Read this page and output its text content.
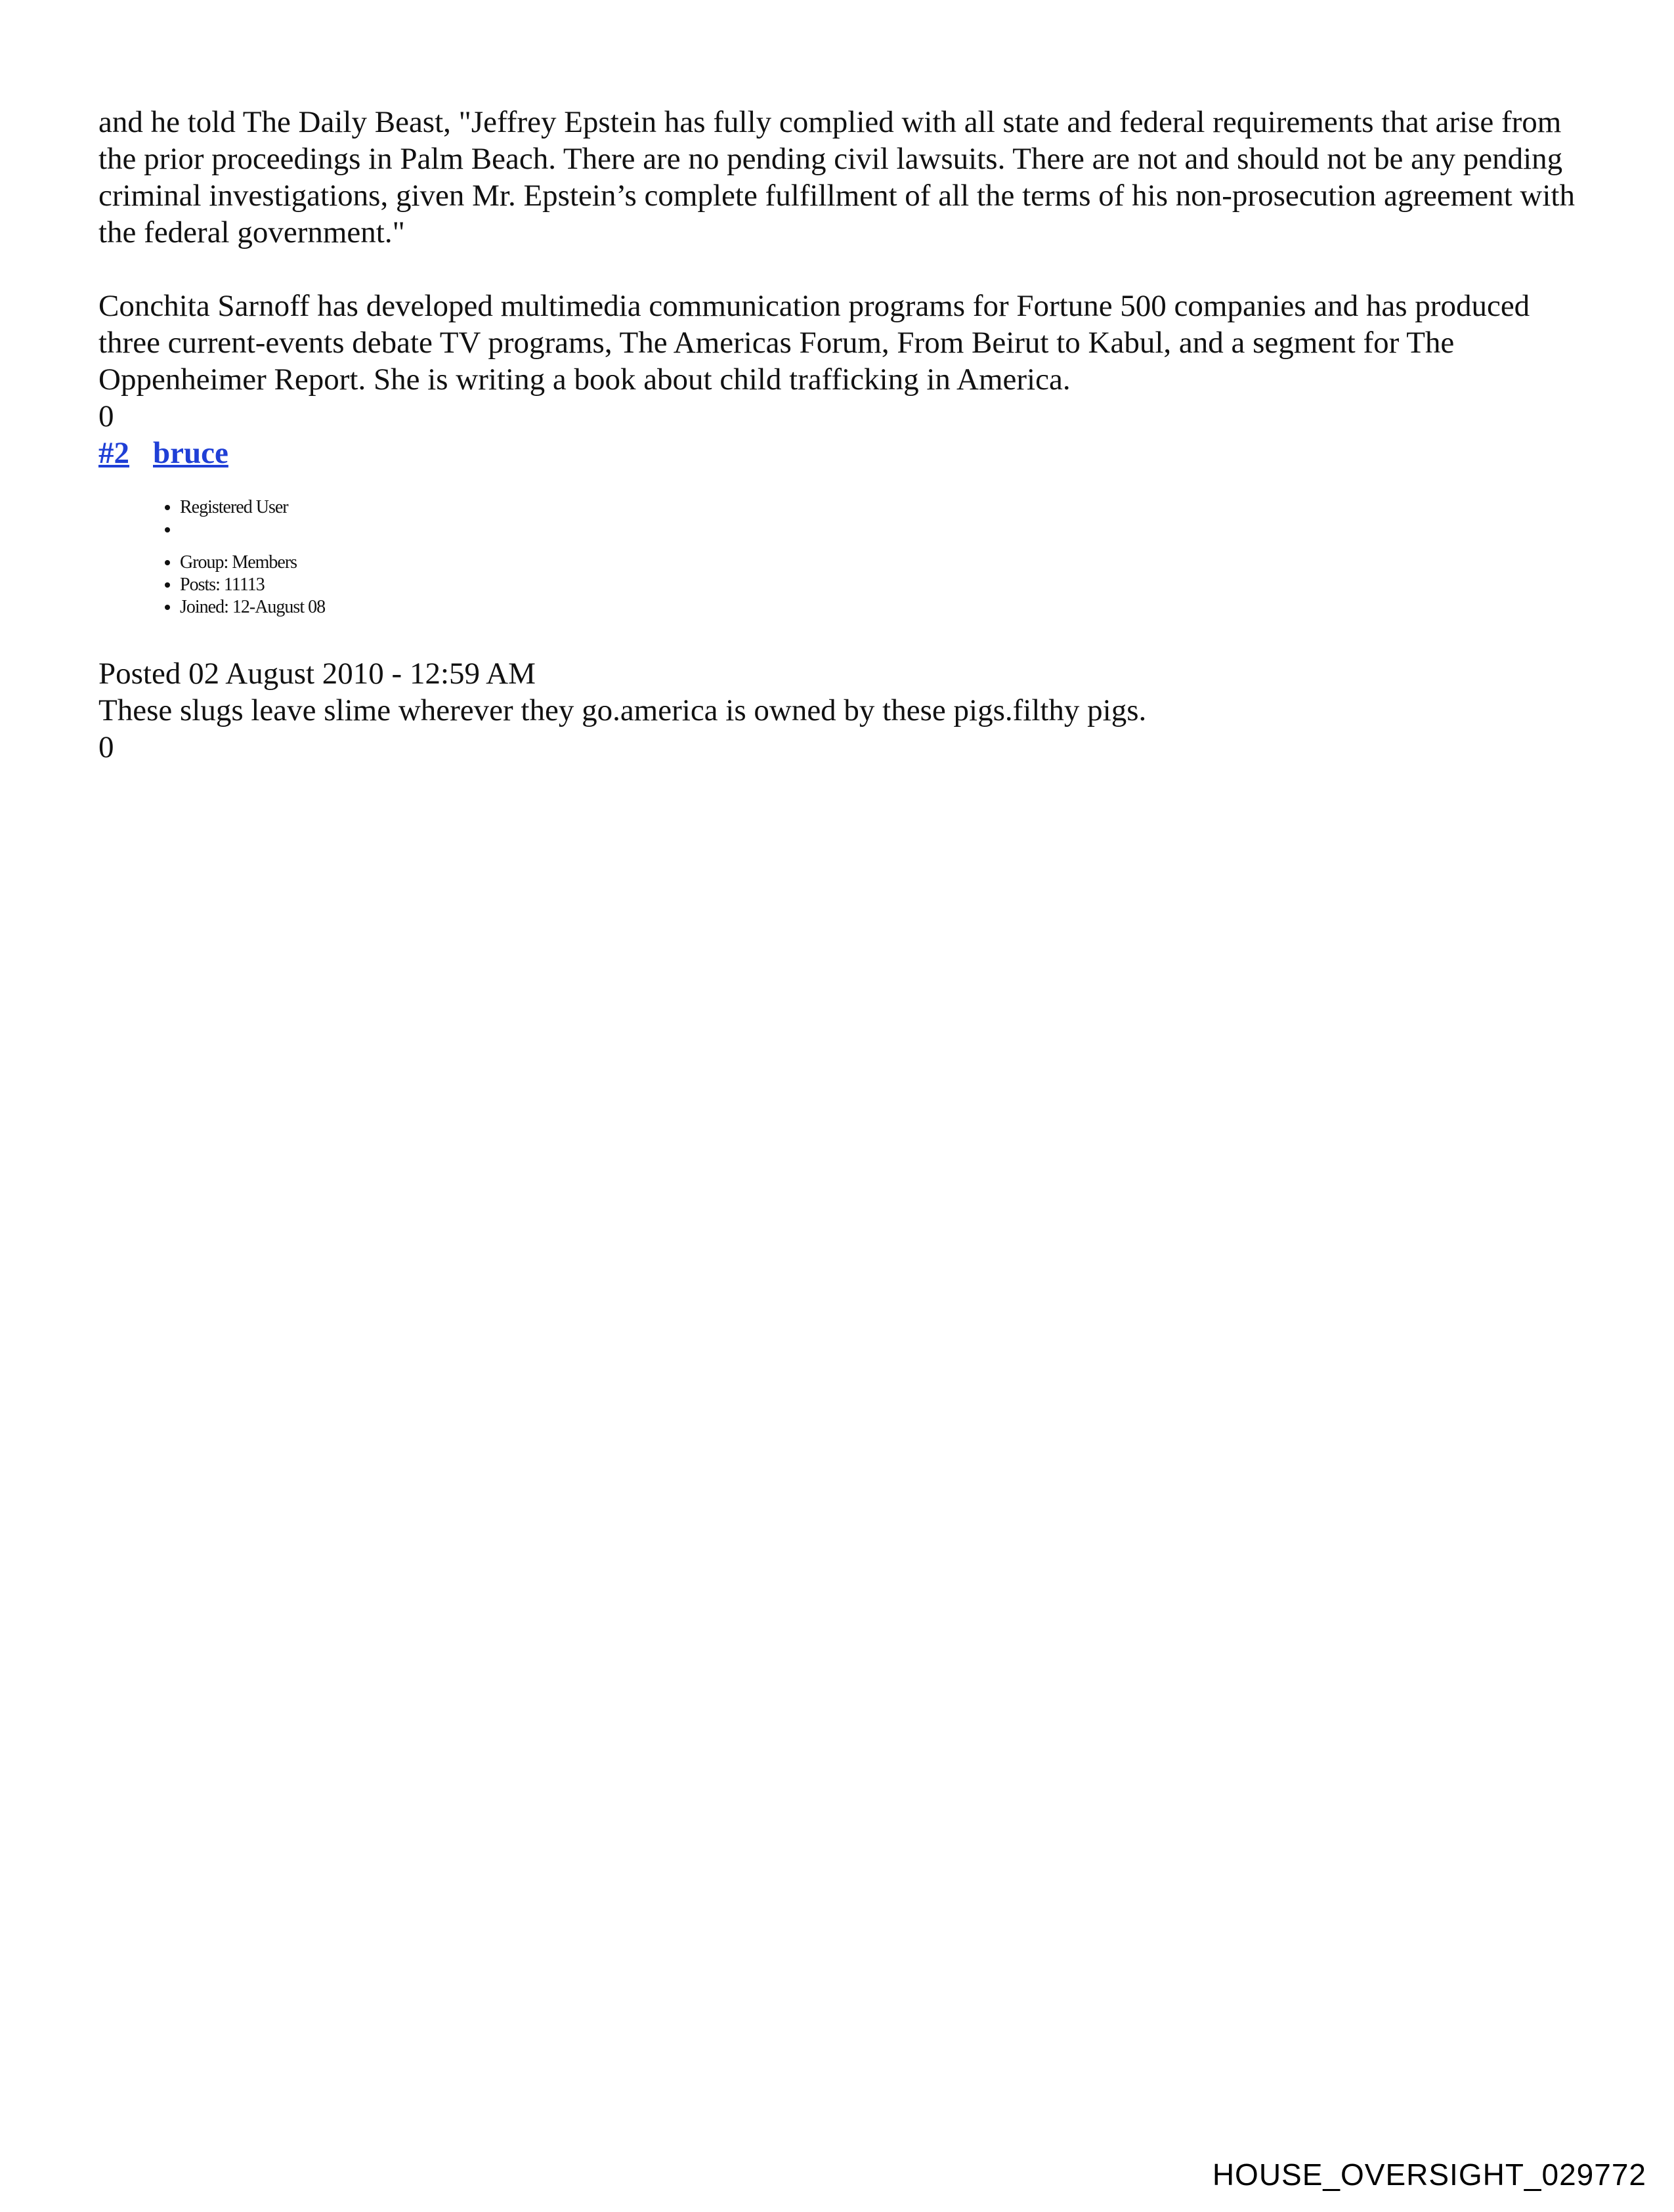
and he told The Daily Beast, "Jeffrey Epstein has fully complied with all state and federal requirements that arise from the prior proceedings in Palm Beach. There are no pending civil lawsuits. There are not and should not be any pending criminal investigations, given Mr. Epstein’s complete fulfillment of all the terms of his non-prosecution agreement with the federal government."

Conchita Sarnoff has developed multimedia communication programs for Fortune 500 companies and has produced three current-events debate TV programs, The Americas Forum, From Beirut to Kabul, and a segment for The Oppenheimer Report. She is writing a book about child trafficking in America.

0

#2 bruce

• Registered User
•
• Group: Members
• Posts: 11113
• Joined: 12-August 08

Posted 02 August 2010 - 12:59 AM

These slugs leave slime wherever they go.america is owned by these pigs.filthy pigs.

0

HOUSE_OVERSIGHT_029772
